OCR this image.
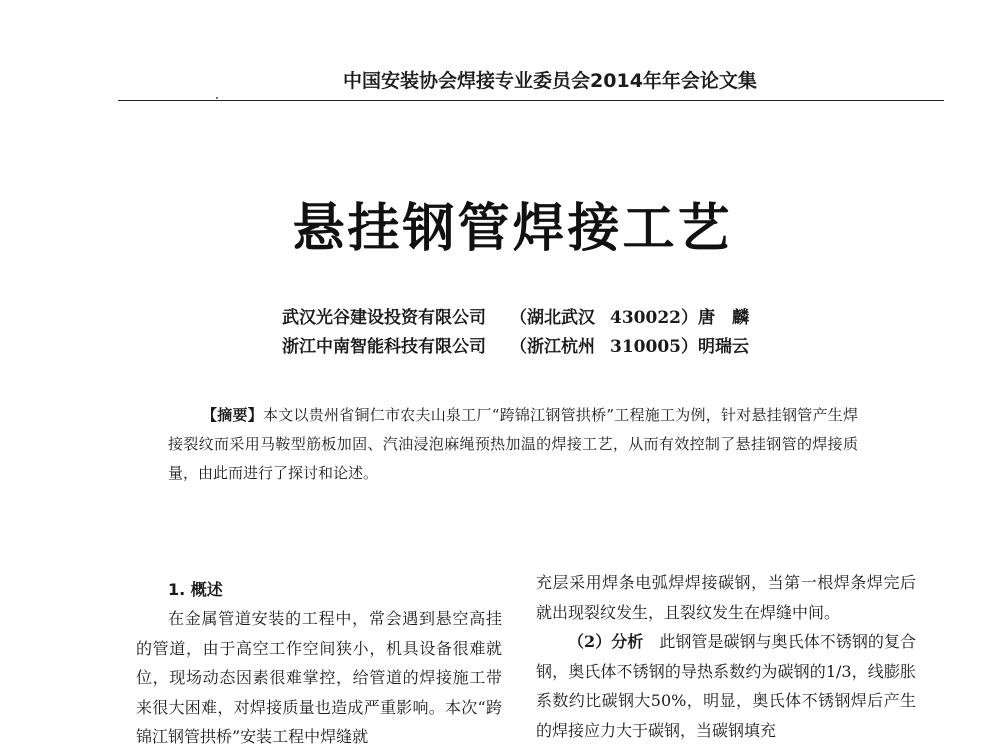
中国安装协会焊接专业委员会2014年年会论文集
悬挂钢管焊接工艺
武汉光谷建设投资有限公司 （湖北武汉 430022）唐　麟
浙江中南智能科技有限公司 （浙江杭州 310005）明瑞云
【摘要】本文以贵州省铜仁市农夫山泉工厂“跨锦江钢管拱桥”工程施工为例，针对悬挂钢管产生焊接裂纹而采用马鞍型筋板加固、汽油浸泡麻绳预热加温的焊接工艺，从而有效控制了悬挂钢管的焊接质量，由此而进行了探讨和论述。
1. 概述

在金属管道安装的工程中，常会遇到悬空高挂的管道，由于高空工作空间狭小，机具设备很难就位，现场动态因素很难掌控，给管道的焊接施工带来很大困难，对焊接质量也造成严重影响。本次“跨锦江钢管拱桥”安装工程中焊缝就

充层采用焊条电弧焊焊接碳钢，当第一根焊条焊完后就出现裂纹发生，且裂纹发生在焊缝中间。

（2）分析　 此钢管是碳钢与奥氏体不锈钢的复合钢，奥氏体不锈钢的导热系数约为碳钢的1/3，线膨胀系数约比碳钢大50%，明显，奥氏体不锈钢焊后产生的焊接应力大于碳钢，当碳钢填充
